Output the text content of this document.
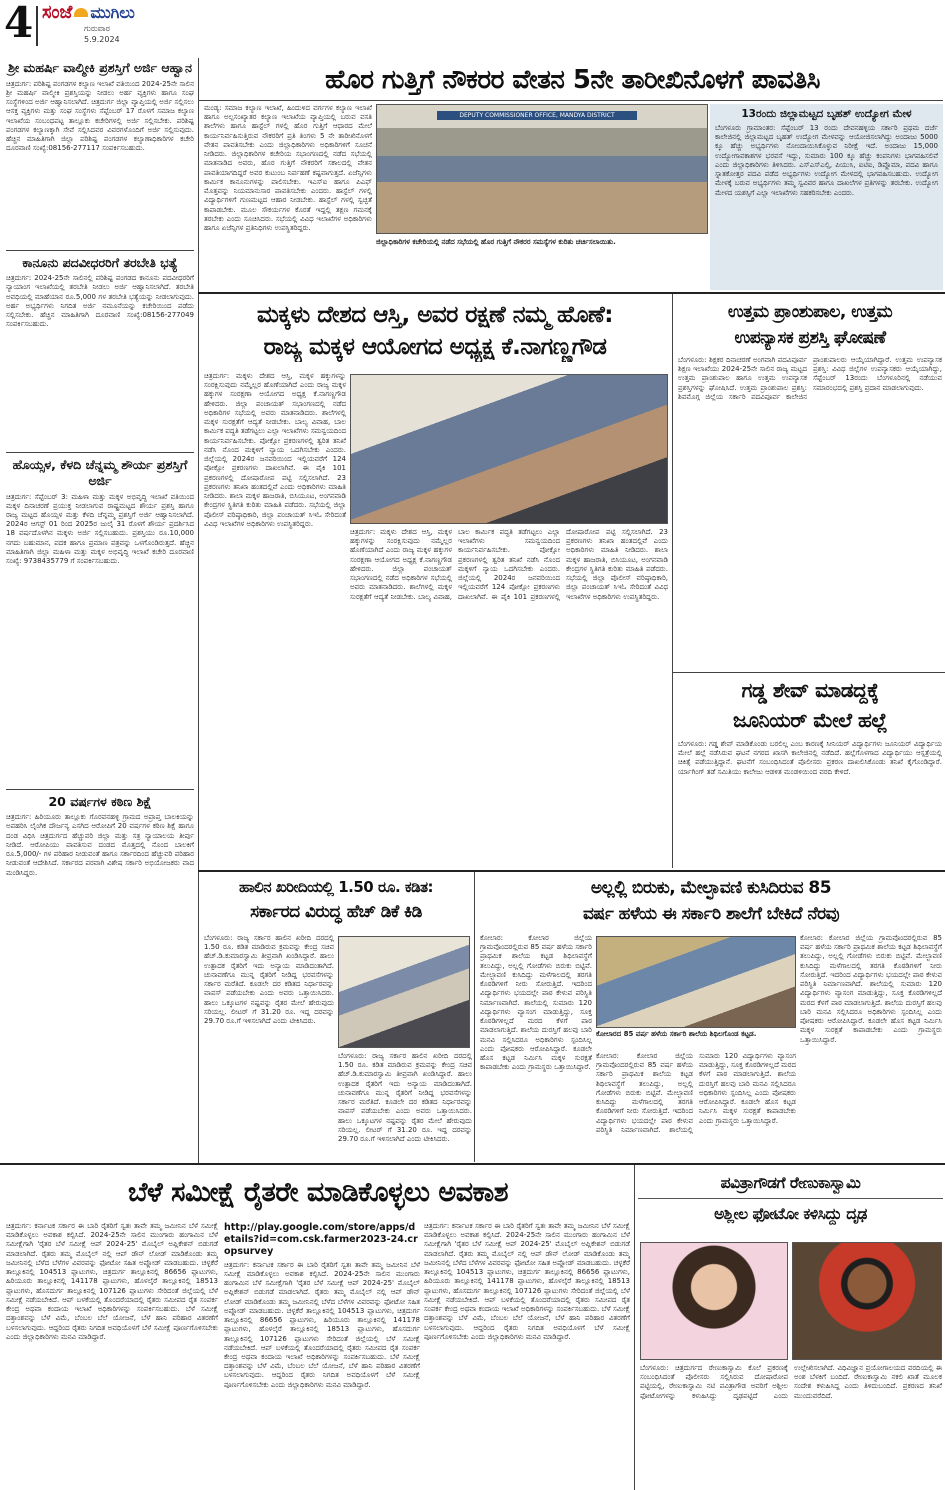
4 ಸಂಜೆ ಮುಗಿಲು
ಗುರುವಾರ
5.9.2024
ಶ್ರೀ ಮಹರ್ಷಿ ವಾಲ್ಮೀಕಿ ಪ್ರಶಸ್ತಿಗೆ ಅರ್ಜಿ ಆಹ್ವಾನ
ಚಿತ್ರದುರ್ಗ: ಪರಿಶಿಷ್ಟ ಪಂಗಡಗಳ ಕಲ್ಯಾಣ ಇಲಾಖೆ ವತಿಯಿಂದ 2024-25ನೇ ಸಾಲಿನ ಶ್ರೀ ಮಹರ್ಷಿ ವಾಲ್ಮೀಕಿ ಪ್ರಶಸ್ತಿಯನ್ನು ನೀಡಲು ಅರ್ಹ ವ್ಯಕ್ತಿಗಳು ಹಾಗೂ ಸಂಘ ಸಂಸ್ಥೆಗಳಿಂದ ಅರ್ಜಿ ಆಹ್ವಾನಿಸಲಾಗಿದೆ. ಚಿತ್ರದುರ್ಗ ಜಿಲ್ಲಾ ವ್ಯಾಪ್ತಿಯಲ್ಲಿ ಅರ್ಜಿ ಸಲ್ಲಿಸಲು ಆಸಕ್ತ ವ್ಯಕ್ತಿಗಳು ಮತ್ತು ಸಂಘ ಸಂಸ್ಥೆಗಳು ಸೆಪ್ಟೆಂಬರ್ 17 ರೊಳಗೆ ಸಮಾಜ ಕಲ್ಯಾಣ ಇಲಾಖೆಯ ಸಂಬಂಧಪಟ್ಟ ತಾಲ್ಲೂಕು ಕಚೇರಿಗಳಲ್ಲಿ ಅರ್ಜಿ ಸಲ್ಲಿಸಬೇಕು. ಪರಿಶಿಷ್ಟ ಪಂಗಡಗಳ ಕಲ್ಯಾಣಕ್ಕಾಗಿ ಸೇವೆ ಸಲ್ಲಿಸಿದವರ ವಿವರಗಳೊಂದಿಗೆ ಅರ್ಜಿ ಸಲ್ಲಿಸುವುದು. ಹೆಚ್ಚಿನ ಮಾಹಿತಿಗಾಗಿ ಜಿಲ್ಲಾ ಪರಿಶಿಷ್ಟ ಪಂಗಡಗಳ ಕಲ್ಯಾಣಾಧಿಕಾರಿಗಳ ಕಚೇರಿ ದೂರವಾಣಿ ಸಂಖ್ಯೆ:08156-277117 ಸಂಪರ್ಕಿಸಬಹುದು.
ಕಾನೂನು ಪದವೀಧರರಿಗೆ ತರಬೇತಿ ಭತ್ಯೆ
ಚಿತ್ರದುರ್ಗ: 2024-25ನೇ ಸಾಲಿನಲ್ಲಿ ಪರಿಶಿಷ್ಟ ಪಂಗಡದ ಕಾನೂನು ಪದವೀಧರರಿಗೆ ನ್ಯಾಯಾಂಗ ಇಲಾಖೆಯಲ್ಲಿ ತರಬೇತಿ ನೀಡಲು ಅರ್ಜಿ ಆಹ್ವಾನಿಸಲಾಗಿದೆ. ತರಬೇತಿ ಅವಧಿಯಲ್ಲಿ ಮಾಹೆಯಾನ ರೂ.5,000 ಗಳ ತರಬೇತಿ ಭತ್ಯೆಯನ್ನು ನೀಡಲಾಗುವುದು. ಅರ್ಹ ಅಭ್ಯರ್ಥಿಗಳು ನಿಗದಿತ ಅರ್ಜಿ ನಮೂನೆಯನ್ನು ಕಚೇರಿಯಿಂದ ಪಡೆದು ಸಲ್ಲಿಸಬೇಕು. ಹೆಚ್ಚಿನ ಮಾಹಿತಿಗಾಗಿ ದೂರವಾಣಿ ಸಂಖ್ಯೆ:08156-277049 ಸಂಪರ್ಕಿಸಬಹುದು.
ಹೊಯ್ಸಳ, ಕೆಳದಿ ಚೆನ್ನಮ್ಮ ಶೌರ್ಯ ಪ್ರಶಸ್ತಿಗೆ ಅರ್ಜಿ
ಚಿತ್ರದುರ್ಗ: ಸೆಪ್ಟೆಂಬರ್ 3: ಮಹಿಳಾ ಮತ್ತು ಮಕ್ಕಳ ಅಭಿವೃದ್ಧಿ ಇಲಾಖೆ ವತಿಯಿಂದ ಮಕ್ಕಳ ದಿನಾಚರಣೆ ಪ್ರಯುಕ್ತ ನೀಡಲಾಗುವ ರಾಷ್ಟ್ರಮಟ್ಟದ ಶೌರ್ಯ ಪ್ರಶಸ್ತಿ ಹಾಗೂ ರಾಜ್ಯ ಮಟ್ಟದ ಹೊಯ್ಸಳ ಮತ್ತು ಕೆಳದಿ ಚೆನ್ನಮ್ಮ ಪ್ರಶಸ್ತಿಗೆ ಅರ್ಜಿ ಆಹ್ವಾನಿಸಲಾಗಿದೆ. 2024ರ ಆಗಸ್ಟ್ 01 ರಿಂದ 2025ರ ಜುಲೈ 31 ರೊಳಗೆ ಶೌರ್ಯ ಪ್ರದರ್ಶಿಸಿದ 18 ವರ್ಷದೊಳಗಿನ ಮಕ್ಕಳು ಅರ್ಜಿ ಸಲ್ಲಿಸಬಹುದು. ಪ್ರಶಸ್ತಿಯು ರೂ.10,000 ನಗದು ಬಹುಮಾನ, ಪದಕ ಹಾಗೂ ಪ್ರಮಾಣ ಪತ್ರವನ್ನು ಒಳಗೊಂಡಿರುತ್ತದೆ. ಹೆಚ್ಚಿನ ಮಾಹಿತಿಗಾಗಿ ಜಿಲ್ಲಾ ಮಹಿಳಾ ಮತ್ತು ಮಕ್ಕಳ ಅಭಿವೃದ್ಧಿ ಇಲಾಖೆ ಕಚೇರಿ ದೂರವಾಣಿ ಸಂಖ್ಯೆ: 9738435779 ಗೆ ಸಂಪರ್ಕಿಸಬಹುದು.
20 ವರ್ಷಗಳ ಕಠಿಣ ಶಿಕ್ಷೆ
ಚಿತ್ರದುರ್ಗ: ಹಿರಿಯೂರು ತಾಲ್ಲೂಕು ಗೊರವನಹಳ್ಳಿ ಗ್ರಾಮದ ಅಪ್ರಾಪ್ತ ಬಾಲಕಿಯನ್ನು ಅಪಹರಿಸಿ ಲೈಂಗಿಕ ದೌರ್ಜನ್ಯ ಎಸಗಿದ ಆರೋಪಿಗೆ 20 ವರ್ಷಗಳ ಕಠಿಣ ಶಿಕ್ಷೆ ಹಾಗೂ ದಂಡ ವಿಧಿಸಿ ಚಿತ್ರದುರ್ಗದ ಹೆಚ್ಚುವರಿ ಜಿಲ್ಲಾ ಮತ್ತು ಸತ್ರ ನ್ಯಾಯಾಲಯ ತೀರ್ಪು ನೀಡಿದೆ. ಆರೋಪಿಯು ಪಾವತಿಸುವ ದಂಡದ ಮೊತ್ತದಲ್ಲಿ ನೊಂದ ಬಾಲಕಿಗೆ ರೂ.5,000/- ಗಳ ಪರಿಹಾರ ನೀಡುವಂತೆ ಹಾಗೂ ಸರ್ಕಾರದಿಂದ ಹೆಚ್ಚುವರಿ ಪರಿಹಾರ ನೀಡುವಂತೆ ಆದೇಶಿಸಿದೆ. ಸರ್ಕಾರದ ಪರವಾಗಿ ವಿಶೇಷ ಸರ್ಕಾರಿ ಅಭಿಯೋಜಕರು ವಾದ ಮಂಡಿಸಿದ್ದರು.
ಹೊರ ಗುತ್ತಿಗೆ ನೌಕರರ ವೇತನ 5ನೇ ತಾರೀಖಿನೊಳಗೆ ಪಾವತಿಸಿ
ಮಂಡ್ಯ: ಸಮಾಜ ಕಲ್ಯಾಣ ಇಲಾಖೆ, ಹಿಂದುಳಿದ ವರ್ಗಗಳ ಕಲ್ಯಾಣ ಇಲಾಖೆ ಹಾಗೂ ಅಲ್ಪಸಂಖ್ಯಾತರ ಕಲ್ಯಾಣ ಇಲಾಖೆಯ ವ್ಯಾಪ್ತಿಯಲ್ಲಿ ಬರುವ ವಸತಿ ಶಾಲೆಗಳು ಹಾಗೂ ಹಾಸ್ಟೆಲ್ ಗಳಲ್ಲಿ ಹೊರ ಗುತ್ತಿಗೆ ಆಧಾರದ ಮೇಲೆ ಕಾರ್ಯನಿರ್ವಹಿಸುತ್ತಿರುವ ನೌಕರರಿಗೆ ಪ್ರತಿ ತಿಂಗಳು 5 ನೇ ತಾರೀಖಿನೊಳಗೆ ವೇತನ ಪಾವತಿಸಬೇಕು ಎಂದು ಜಿಲ್ಲಾಧಿಕಾರಿಗಳು ಅಧಿಕಾರಿಗಳಿಗೆ ಸೂಚನೆ ನೀಡಿದರು. ಜಿಲ್ಲಾಧಿಕಾರಿಗಳ ಕಚೇರಿಯ ಸಭಾಂಗಣದಲ್ಲಿ ನಡೆದ ಸಭೆಯಲ್ಲಿ ಮಾತನಾಡಿದ ಅವರು, ಹೊರ ಗುತ್ತಿಗೆ ನೌಕರರಿಗೆ ಸಕಾಲದಲ್ಲಿ ವೇತನ ಪಾವತಿಯಾಗದಿದ್ದರೆ ಅವರ ಕುಟುಂಬ ನಿರ್ವಹಣೆ ಕಷ್ಟವಾಗುತ್ತದೆ. ಏಜೆನ್ಸಿಗಳು ಕಾರ್ಮಿಕ ಕಾನೂನುಗಳನ್ನು ಪಾಲಿಸಬೇಕು. ಇಎಸ್ಐ ಹಾಗೂ ಪಿಎಫ್ ಮೊತ್ತವನ್ನು ನಿಯಮಾನುಸಾರ ಪಾವತಿಸಬೇಕು ಎಂದರು. ಹಾಸ್ಟೆಲ್ ಗಳಲ್ಲಿ ವಿದ್ಯಾರ್ಥಿಗಳಿಗೆ ಗುಣಮಟ್ಟದ ಆಹಾರ ನೀಡಬೇಕು. ಹಾಸ್ಟೆಲ್ ಗಳಲ್ಲಿ ಸ್ವಚ್ಛತೆ ಕಾಪಾಡಬೇಕು. ಮೂಲ ಸೌಕರ್ಯಗಳ ಕೊರತೆ ಇದ್ದಲ್ಲಿ ತಕ್ಷಣ ಗಮನಕ್ಕೆ ತರಬೇಕು ಎಂದು ಸೂಚಿಸಿದರು. ಸಭೆಯಲ್ಲಿ ವಿವಿಧ ಇಲಾಖೆಗಳ ಅಧಿಕಾರಿಗಳು ಹಾಗೂ ಏಜೆನ್ಸಿಗಳ ಪ್ರತಿನಿಧಿಗಳು ಉಪಸ್ಥಿತರಿದ್ದರು.
DEPUTY COMMISSIONER OFFICE, MANDYA DISTRICT
ಜಿಲ್ಲಾಧಿಕಾರಿಗಳ ಕಚೇರಿಯಲ್ಲಿ ನಡೆದ ಸಭೆಯಲ್ಲಿ ಹೊರ ಗುತ್ತಿಗೆ ನೌಕರರ ಸಮಸ್ಯೆಗಳ ಕುರಿತು ಚರ್ಚಿಸಲಾಯಿತು.
13ರಂದು ಜಿಲ್ಲಾಮಟ್ಟದ ಬೃಹತ್ ಉದ್ಯೋಗ ಮೇಳ
ಬೆಂಗಳೂರು ಗ್ರಾಮಾಂತರ: ಸೆಪ್ಟೆಂಬರ್ 13 ರಂದು ದೇವನಹಳ್ಳಿಯ ಸರ್ಕಾರಿ ಪ್ರಥಮ ದರ್ಜೆ ಕಾಲೇಜಿನಲ್ಲಿ ಜಿಲ್ಲಾಮಟ್ಟದ ಬೃಹತ್ ಉದ್ಯೋಗ ಮೇಳವನ್ನು ಆಯೋಜಿಸಲಾಗಿದ್ದು ಅಂದಾಜು 5000 ಕ್ಕೂ ಹೆಚ್ಚು ಅಭ್ಯರ್ಥಿಗಳು ನೋಂದಾಯಿಸಿಕೊಳ್ಳುವ ನಿರೀಕ್ಷೆ ಇದೆ. ಅಂದಾಜು 15,000 ಉದ್ಯೋಗಾವಕಾಶಗಳ ಭರವಸೆ ಇದ್ದು, ಸುಮಾರು 100 ಕ್ಕೂ ಹೆಚ್ಚು ಕಂಪನಿಗಳು ಭಾಗವಹಿಸಲಿವೆ ಎಂದು ಜಿಲ್ಲಾಧಿಕಾರಿಗಳು ತಿಳಿಸಿದರು. ಎಸ್ಎಸ್ಎಲ್ಸಿ, ಪಿಯುಸಿ, ಐಟಿಐ, ಡಿಪ್ಲೊಮಾ, ಪದವಿ ಹಾಗೂ ಸ್ನಾತಕೋತ್ತರ ಪದವಿ ಪಡೆದ ಅಭ್ಯರ್ಥಿಗಳು ಉದ್ಯೋಗ ಮೇಳದಲ್ಲಿ ಭಾಗವಹಿಸಬಹುದು. ಉದ್ಯೋಗ ಮೇಳಕ್ಕೆ ಬರುವ ಅಭ್ಯರ್ಥಿಗಳು ತಮ್ಮ ಸ್ವವಿವರ ಹಾಗೂ ದಾಖಲೆಗಳ ಪ್ರತಿಗಳನ್ನು ತರಬೇಕು. ಉದ್ಯೋಗ ಮೇಳದ ಯಶಸ್ಸಿಗೆ ಎಲ್ಲಾ ಇಲಾಖೆಗಳು ಸಹಕರಿಸಬೇಕು ಎಂದರು.
ಮಕ್ಕಳು ದೇಶದ ಆಸ್ತಿ, ಅವರ ರಕ್ಷಣೆ ನಮ್ಮ ಹೊಣೆ:
ರಾಜ್ಯ ಮಕ್ಕಳ ಆಯೋಗದ ಅಧ್ಯಕ್ಷ ಕೆ.ನಾಗಣ್ಣಗೌಡ
ಚಿತ್ರದುರ್ಗ: ಮಕ್ಕಳು ದೇಶದ ಆಸ್ತಿ, ಮಕ್ಕಳ ಹಕ್ಕುಗಳನ್ನು ಸಂರಕ್ಷಿಸುವುದು ನಮ್ಮೆಲ್ಲರ ಹೊಣೆಯಾಗಿದೆ ಎಂದು ರಾಜ್ಯ ಮಕ್ಕಳ ಹಕ್ಕುಗಳ ಸಂರಕ್ಷಣಾ ಆಯೋಗದ ಅಧ್ಯಕ್ಷ ಕೆ.ನಾಗಣ್ಣಗೌಡ ಹೇಳಿದರು. ಜಿಲ್ಲಾ ಪಂಚಾಯತ್ ಸಭಾಂಗಣದಲ್ಲಿ ನಡೆದ ಅಧಿಕಾರಿಗಳ ಸಭೆಯಲ್ಲಿ ಅವರು ಮಾತನಾಡಿದರು. ಶಾಲೆಗಳಲ್ಲಿ ಮಕ್ಕಳ ಸುರಕ್ಷತೆಗೆ ಆದ್ಯತೆ ನೀಡಬೇಕು. ಬಾಲ್ಯ ವಿವಾಹ, ಬಾಲ ಕಾರ್ಮಿಕ ಪದ್ಧತಿ ತಡೆಗಟ್ಟಲು ಎಲ್ಲಾ ಇಲಾಖೆಗಳು ಸಮನ್ವಯದಿಂದ ಕಾರ್ಯನಿರ್ವಹಿಸಬೇಕು. ಪೋಕ್ಸೋ ಪ್ರಕರಣಗಳಲ್ಲಿ ತ್ವರಿತ ತನಿಖೆ ನಡೆಸಿ ನೊಂದ ಮಕ್ಕಳಿಗೆ ನ್ಯಾಯ ಒದಗಿಸಬೇಕು ಎಂದರು. ಜಿಲ್ಲೆಯಲ್ಲಿ 2024ರ ಜನವರಿಯಿಂದ ಇಲ್ಲಿಯವರೆಗೆ 124 ಪೋಕ್ಸೋ ಪ್ರಕರಣಗಳು ದಾಖಲಾಗಿವೆ. ಈ ಪೈಕಿ 101 ಪ್ರಕರಣಗಳಲ್ಲಿ ದೋಷಾರೋಪ ಪಟ್ಟಿ ಸಲ್ಲಿಸಲಾಗಿದೆ. 23 ಪ್ರಕರಣಗಳು ತನಿಖಾ ಹಂತದಲ್ಲಿವೆ ಎಂದು ಅಧಿಕಾರಿಗಳು ಮಾಹಿತಿ ನೀಡಿದರು. ಶಾಲಾ ಮಕ್ಕಳ ಹಾಜರಾತಿ, ಬಿಸಿಯೂಟ, ಅಂಗನವಾಡಿ ಕೇಂದ್ರಗಳ ಸ್ಥಿತಿಗತಿ ಕುರಿತು ಮಾಹಿತಿ ಪಡೆದರು. ಸಭೆಯಲ್ಲಿ ಜಿಲ್ಲಾ ಪೊಲೀಸ್ ವರಿಷ್ಠಾಧಿಕಾರಿ, ಜಿಲ್ಲಾ ಪಂಚಾಯತ್ ಸಿಇಓ ಸೇರಿದಂತೆ ವಿವಿಧ ಇಲಾಖೆಗಳ ಅಧಿಕಾರಿಗಳು ಉಪಸ್ಥಿತರಿದ್ದರು.
ಚಿತ್ರದುರ್ಗ: ಮಕ್ಕಳು ದೇಶದ ಆಸ್ತಿ, ಮಕ್ಕಳ ಹಕ್ಕುಗಳನ್ನು ಸಂರಕ್ಷಿಸುವುದು ನಮ್ಮೆಲ್ಲರ ಹೊಣೆಯಾಗಿದೆ ಎಂದು ರಾಜ್ಯ ಮಕ್ಕಳ ಹಕ್ಕುಗಳ ಸಂರಕ್ಷಣಾ ಆಯೋಗದ ಅಧ್ಯಕ್ಷ ಕೆ.ನಾಗಣ್ಣಗೌಡ ಹೇಳಿದರು. ಜಿಲ್ಲಾ ಪಂಚಾಯತ್ ಸಭಾಂಗಣದಲ್ಲಿ ನಡೆದ ಅಧಿಕಾರಿಗಳ ಸಭೆಯಲ್ಲಿ ಅವರು ಮಾತನಾಡಿದರು. ಶಾಲೆಗಳಲ್ಲಿ ಮಕ್ಕಳ ಸುರಕ್ಷತೆಗೆ ಆದ್ಯತೆ ನೀಡಬೇಕು. ಬಾಲ್ಯ ವಿವಾಹ, ಬಾಲ ಕಾರ್ಮಿಕ ಪದ್ಧತಿ ತಡೆಗಟ್ಟಲು ಎಲ್ಲಾ ಇಲಾಖೆಗಳು ಸಮನ್ವಯದಿಂದ ಕಾರ್ಯನಿರ್ವಹಿಸಬೇಕು. ಪೋಕ್ಸೋ ಪ್ರಕರಣಗಳಲ್ಲಿ ತ್ವರಿತ ತನಿಖೆ ನಡೆಸಿ ನೊಂದ ಮಕ್ಕಳಿಗೆ ನ್ಯಾಯ ಒದಗಿಸಬೇಕು ಎಂದರು. ಜಿಲ್ಲೆಯಲ್ಲಿ 2024ರ ಜನವರಿಯಿಂದ ಇಲ್ಲಿಯವರೆಗೆ 124 ಪೋಕ್ಸೋ ಪ್ರಕರಣಗಳು ದಾಖಲಾಗಿವೆ. ಈ ಪೈಕಿ 101 ಪ್ರಕರಣಗಳಲ್ಲಿ ದೋಷಾರೋಪ ಪಟ್ಟಿ ಸಲ್ಲಿಸಲಾಗಿದೆ. 23 ಪ್ರಕರಣಗಳು ತನಿಖಾ ಹಂತದಲ್ಲಿವೆ ಎಂದು ಅಧಿಕಾರಿಗಳು ಮಾಹಿತಿ ನೀಡಿದರು. ಶಾಲಾ ಮಕ್ಕಳ ಹಾಜರಾತಿ, ಬಿಸಿಯೂಟ, ಅಂಗನವಾಡಿ ಕೇಂದ್ರಗಳ ಸ್ಥಿತಿಗತಿ ಕುರಿತು ಮಾಹಿತಿ ಪಡೆದರು. ಸಭೆಯಲ್ಲಿ ಜಿಲ್ಲಾ ಪೊಲೀಸ್ ವರಿಷ್ಠಾಧಿಕಾರಿ, ಜಿಲ್ಲಾ ಪಂಚಾಯತ್ ಸಿಇಓ ಸೇರಿದಂತೆ ವಿವಿಧ ಇಲಾಖೆಗಳ ಅಧಿಕಾರಿಗಳು ಉಪಸ್ಥಿತರಿದ್ದರು.
ಉತ್ತಮ ಪ್ರಾಂಶುಪಾಲ, ಉತ್ತಮ
ಉಪನ್ಯಾಸಕ ಪ್ರಶಸ್ತಿ ಘೋಷಣೆ
ಬೆಂಗಳೂರು: ಶಿಕ್ಷಕರ ದಿನಾಚರಣೆ ಅಂಗವಾಗಿ ಪದವಿಪೂರ್ವ ಶಿಕ್ಷಣ ಇಲಾಖೆಯು 2024-25ನೇ ಸಾಲಿನ ರಾಜ್ಯ ಮಟ್ಟದ ಉತ್ತಮ ಪ್ರಾಂಶುಪಾಲ ಹಾಗೂ ಉತ್ತಮ ಉಪನ್ಯಾಸಕ ಪ್ರಶಸ್ತಿಗಳನ್ನು ಘೋಷಿಸಿದೆ. ಉತ್ತಮ ಪ್ರಾಂಶುಪಾಲ ಪ್ರಶಸ್ತಿ: ಶಿವಮೊಗ್ಗ ಜಿಲ್ಲೆಯ ಸರ್ಕಾರಿ ಪದವಿಪೂರ್ವ ಕಾಲೇಜಿನ ಪ್ರಾಂಶುಪಾಲರು ಆಯ್ಕೆಯಾಗಿದ್ದಾರೆ. ಉತ್ತಮ ಉಪನ್ಯಾಸಕ ಪ್ರಶಸ್ತಿ: ವಿವಿಧ ಜಿಲ್ಲೆಗಳ ಉಪನ್ಯಾಸಕರು ಆಯ್ಕೆಯಾಗಿದ್ದು, ಸೆಪ್ಟೆಂಬರ್ 13ರಂದು ಬೆಂಗಳೂರಿನಲ್ಲಿ ನಡೆಯುವ ಸಮಾರಂಭದಲ್ಲಿ ಪ್ರಶಸ್ತಿ ಪ್ರದಾನ ಮಾಡಲಾಗುವುದು.
ಗಡ್ಡ ಶೇವ್ ಮಾಡದ್ದಕ್ಕೆ
ಜೂನಿಯರ್ ಮೇಲೆ ಹಲ್ಲೆ
ಬೆಂಗಳೂರು: ಗಡ್ಡ ಶೇವ್ ಮಾಡಿಕೊಂಡು ಬರಲಿಲ್ಲ ಎಂಬ ಕಾರಣಕ್ಕೆ ಸೀನಿಯರ್ ವಿದ್ಯಾರ್ಥಿಗಳು ಜೂನಿಯರ್ ವಿದ್ಯಾರ್ಥಿಯ ಮೇಲೆ ಹಲ್ಲೆ ನಡೆಸಿರುವ ಘಟನೆ ನಗರದ ಖಾಸಗಿ ಕಾಲೇಜಿನಲ್ಲಿ ನಡೆದಿದೆ. ಹಲ್ಲೆಗೊಳಗಾದ ವಿದ್ಯಾರ್ಥಿಯು ಆಸ್ಪತ್ರೆಯಲ್ಲಿ ಚಿಕಿತ್ಸೆ ಪಡೆಯುತ್ತಿದ್ದಾನೆ. ಘಟನೆಗೆ ಸಂಬಂಧಿಸಿದಂತೆ ಪೊಲೀಸರು ಪ್ರಕರಣ ದಾಖಲಿಸಿಕೊಂಡು ತನಿಖೆ ಕೈಗೊಂಡಿದ್ದಾರೆ. ರ್ಯಾಗಿಂಗ್ ತಡೆ ಸಮಿತಿಯು ಕಾಲೇಜು ಆಡಳಿತ ಮಂಡಳಿಯಿಂದ ವರದಿ ಕೇಳಿದೆ.
ಹಾಲಿನ ಖರೀದಿಯಲ್ಲಿ 1.50 ರೂ. ಕಡಿತ:
ಸರ್ಕಾರದ ವಿರುದ್ಧ ಹೆಚ್ ಡಿಕೆ ಕಿಡಿ
ಬೆಂಗಳೂರು: ರಾಜ್ಯ ಸರ್ಕಾರ ಹಾಲಿನ ಖರೀದಿ ದರದಲ್ಲಿ 1.50 ರೂ. ಕಡಿತ ಮಾಡಿರುವ ಕ್ರಮವನ್ನು ಕೇಂದ್ರ ಸಚಿವ ಹೆಚ್.ಡಿ.ಕುಮಾರಸ್ವಾಮಿ ತೀವ್ರವಾಗಿ ಖಂಡಿಸಿದ್ದಾರೆ. ಹಾಲು ಉತ್ಪಾದಕ ರೈತರಿಗೆ ಇದು ಅನ್ಯಾಯ ಮಾಡಿದಂತಾಗಿದೆ. ಚುನಾವಣೆಗೂ ಮುನ್ನ ರೈತರಿಗೆ ನೀಡಿದ್ದ ಭರವಸೆಗಳನ್ನು ಸರ್ಕಾರ ಮರೆತಿದೆ. ಕೂಡಲೇ ದರ ಕಡಿತದ ನಿರ್ಧಾರವನ್ನು ವಾಪಸ್ ಪಡೆಯಬೇಕು ಎಂದು ಅವರು ಒತ್ತಾಯಿಸಿದರು. ಹಾಲು ಒಕ್ಕೂಟಗಳ ನಷ್ಟವನ್ನು ರೈತರ ಮೇಲೆ ಹೇರುವುದು ಸರಿಯಲ್ಲ. ಲೀಟರ್ ಗೆ 31.20 ರೂ. ಇದ್ದ ದರವನ್ನು 29.70 ರೂ.ಗೆ ಇಳಿಸಲಾಗಿದೆ ಎಂದು ಟೀಕಿಸಿದರು.
ಬೆಂಗಳೂರು: ರಾಜ್ಯ ಸರ್ಕಾರ ಹಾಲಿನ ಖರೀದಿ ದರದಲ್ಲಿ 1.50 ರೂ. ಕಡಿತ ಮಾಡಿರುವ ಕ್ರಮವನ್ನು ಕೇಂದ್ರ ಸಚಿವ ಹೆಚ್.ಡಿ.ಕುಮಾರಸ್ವಾಮಿ ತೀವ್ರವಾಗಿ ಖಂಡಿಸಿದ್ದಾರೆ. ಹಾಲು ಉತ್ಪಾದಕ ರೈತರಿಗೆ ಇದು ಅನ್ಯಾಯ ಮಾಡಿದಂತಾಗಿದೆ. ಚುನಾವಣೆಗೂ ಮುನ್ನ ರೈತರಿಗೆ ನೀಡಿದ್ದ ಭರವಸೆಗಳನ್ನು ಸರ್ಕಾರ ಮರೆತಿದೆ. ಕೂಡಲೇ ದರ ಕಡಿತದ ನಿರ್ಧಾರವನ್ನು ವಾಪಸ್ ಪಡೆಯಬೇಕು ಎಂದು ಅವರು ಒತ್ತಾಯಿಸಿದರು. ಹಾಲು ಒಕ್ಕೂಟಗಳ ನಷ್ಟವನ್ನು ರೈತರ ಮೇಲೆ ಹೇರುವುದು ಸರಿಯಲ್ಲ. ಲೀಟರ್ ಗೆ 31.20 ರೂ. ಇದ್ದ ದರವನ್ನು 29.70 ರೂ.ಗೆ ಇಳಿಸಲಾಗಿದೆ ಎಂದು ಟೀಕಿಸಿದರು.
ಅಲ್ಲಲ್ಲಿ ಬಿರುಕು, ಮೇಲ್ಛಾವಣಿ ಕುಸಿದಿರುವ 85
ವರ್ಷ ಹಳೆಯ ಈ ಸರ್ಕಾರಿ ಶಾಲೆಗೆ ಬೇಕಿದೆ ನೆರವು
ಕೋಲಾರ: ಕೋಲಾರ ಜಿಲ್ಲೆಯ ಗ್ರಾಮವೊಂದರಲ್ಲಿರುವ 85 ವರ್ಷ ಹಳೆಯ ಸರ್ಕಾರಿ ಪ್ರಾಥಮಿಕ ಶಾಲೆಯ ಕಟ್ಟಡ ಶಿಥಿಲಾವಸ್ಥೆಗೆ ತಲುಪಿದ್ದು, ಅಲ್ಲಲ್ಲಿ ಗೋಡೆಗಳು ಬಿರುಕು ಬಿಟ್ಟಿವೆ. ಮೇಲ್ಛಾವಣಿ ಕುಸಿದಿದ್ದು ಮಳೆಗಾಲದಲ್ಲಿ ತರಗತಿ ಕೊಠಡಿಗಳಿಗೆ ನೀರು ಸೋರುತ್ತಿದೆ. ಇದರಿಂದ ವಿದ್ಯಾರ್ಥಿಗಳು ಭಯದಲ್ಲೇ ಪಾಠ ಕೇಳುವ ಪರಿಸ್ಥಿತಿ ನಿರ್ಮಾಣವಾಗಿದೆ. ಶಾಲೆಯಲ್ಲಿ ಸುಮಾರು 120 ವಿದ್ಯಾರ್ಥಿಗಳು ವ್ಯಾಸಂಗ ಮಾಡುತ್ತಿದ್ದು, ಸೂಕ್ತ ಕೊಠಡಿಗಳಿಲ್ಲದೆ ಮರದ ಕೆಳಗೆ ಪಾಠ ಮಾಡಲಾಗುತ್ತಿದೆ. ಶಾಲೆಯ ದುರಸ್ತಿಗೆ ಹಲವು ಬಾರಿ ಮನವಿ ಸಲ್ಲಿಸಿದರೂ ಅಧಿಕಾರಿಗಳು ಸ್ಪಂದಿಸಿಲ್ಲ ಎಂದು ಪೋಷಕರು ಆರೋಪಿಸಿದ್ದಾರೆ. ಕೂಡಲೇ ಹೊಸ ಕಟ್ಟಡ ನಿರ್ಮಿಸಿ ಮಕ್ಕಳ ಸುರಕ್ಷತೆ ಕಾಪಾಡಬೇಕು ಎಂದು ಗ್ರಾಮಸ್ಥರು ಒತ್ತಾಯಿಸಿದ್ದಾರೆ.
ಕೋಲಾರದ 85 ವರ್ಷ ಹಳೆಯ ಸರ್ಕಾರಿ ಶಾಲೆಯ ಶಿಥಿಲಗೊಂಡ ಕಟ್ಟಡ.
ಕೋಲಾರ: ಕೋಲಾರ ಜಿಲ್ಲೆಯ ಗ್ರಾಮವೊಂದರಲ್ಲಿರುವ 85 ವರ್ಷ ಹಳೆಯ ಸರ್ಕಾರಿ ಪ್ರಾಥಮಿಕ ಶಾಲೆಯ ಕಟ್ಟಡ ಶಿಥಿಲಾವಸ್ಥೆಗೆ ತಲುಪಿದ್ದು, ಅಲ್ಲಲ್ಲಿ ಗೋಡೆಗಳು ಬಿರುಕು ಬಿಟ್ಟಿವೆ. ಮೇಲ್ಛಾವಣಿ ಕುಸಿದಿದ್ದು ಮಳೆಗಾಲದಲ್ಲಿ ತರಗತಿ ಕೊಠಡಿಗಳಿಗೆ ನೀರು ಸೋರುತ್ತಿದೆ. ಇದರಿಂದ ವಿದ್ಯಾರ್ಥಿಗಳು ಭಯದಲ್ಲೇ ಪಾಠ ಕೇಳುವ ಪರಿಸ್ಥಿತಿ ನಿರ್ಮಾಣವಾಗಿದೆ. ಶಾಲೆಯಲ್ಲಿ ಸುಮಾರು 120 ವಿದ್ಯಾರ್ಥಿಗಳು ವ್ಯಾಸಂಗ ಮಾಡುತ್ತಿದ್ದು, ಸೂಕ್ತ ಕೊಠಡಿಗಳಿಲ್ಲದೆ ಮರದ ಕೆಳಗೆ ಪಾಠ ಮಾಡಲಾಗುತ್ತಿದೆ. ಶಾಲೆಯ ದುರಸ್ತಿಗೆ ಹಲವು ಬಾರಿ ಮನವಿ ಸಲ್ಲಿಸಿದರೂ ಅಧಿಕಾರಿಗಳು ಸ್ಪಂದಿಸಿಲ್ಲ ಎಂದು ಪೋಷಕರು ಆರೋಪಿಸಿದ್ದಾರೆ. ಕೂಡಲೇ ಹೊಸ ಕಟ್ಟಡ ನಿರ್ಮಿಸಿ ಮಕ್ಕಳ ಸುರಕ್ಷತೆ ಕಾಪಾಡಬೇಕು ಎಂದು ಗ್ರಾಮಸ್ಥರು ಒತ್ತಾಯಿಸಿದ್ದಾರೆ.
ಕೋಲಾರ: ಕೋಲಾರ ಜಿಲ್ಲೆಯ ಗ್ರಾಮವೊಂದರಲ್ಲಿರುವ 85 ವರ್ಷ ಹಳೆಯ ಸರ್ಕಾರಿ ಪ್ರಾಥಮಿಕ ಶಾಲೆಯ ಕಟ್ಟಡ ಶಿಥಿಲಾವಸ್ಥೆಗೆ ತಲುಪಿದ್ದು, ಅಲ್ಲಲ್ಲಿ ಗೋಡೆಗಳು ಬಿರುಕು ಬಿಟ್ಟಿವೆ. ಮೇಲ್ಛಾವಣಿ ಕುಸಿದಿದ್ದು ಮಳೆಗಾಲದಲ್ಲಿ ತರಗತಿ ಕೊಠಡಿಗಳಿಗೆ ನೀರು ಸೋರುತ್ತಿದೆ. ಇದರಿಂದ ವಿದ್ಯಾರ್ಥಿಗಳು ಭಯದಲ್ಲೇ ಪಾಠ ಕೇಳುವ ಪರಿಸ್ಥಿತಿ ನಿರ್ಮಾಣವಾಗಿದೆ. ಶಾಲೆಯಲ್ಲಿ ಸುಮಾರು 120 ವಿದ್ಯಾರ್ಥಿಗಳು ವ್ಯಾಸಂಗ ಮಾಡುತ್ತಿದ್ದು, ಸೂಕ್ತ ಕೊಠಡಿಗಳಿಲ್ಲದೆ ಮರದ ಕೆಳಗೆ ಪಾಠ ಮಾಡಲಾಗುತ್ತಿದೆ. ಶಾಲೆಯ ದುರಸ್ತಿಗೆ ಹಲವು ಬಾರಿ ಮನವಿ ಸಲ್ಲಿಸಿದರೂ ಅಧಿಕಾರಿಗಳು ಸ್ಪಂದಿಸಿಲ್ಲ ಎಂದು ಪೋಷಕರು ಆರೋಪಿಸಿದ್ದಾರೆ. ಕೂಡಲೇ ಹೊಸ ಕಟ್ಟಡ ನಿರ್ಮಿಸಿ ಮಕ್ಕಳ ಸುರಕ್ಷತೆ ಕಾಪಾಡಬೇಕು ಎಂದು ಗ್ರಾಮಸ್ಥರು ಒತ್ತಾಯಿಸಿದ್ದಾರೆ.
ಬೆಳೆ ಸಮೀಕ್ಷೆ ರೈತರೇ ಮಾಡಿಕೊಳ್ಳಲು ಅವಕಾಶ
ಚಿತ್ರದುರ್ಗ: ಕರ್ನಾಟಕ ಸರ್ಕಾರ ಈ ಬಾರಿ ರೈತರಿಗೆ ಸ್ವತಃ ತಾವೇ ತಮ್ಮ ಜಮೀನಿನ ಬೆಳೆ ಸಮೀಕ್ಷೆ ಮಾಡಿಕೊಳ್ಳಲು ಅವಕಾಶ ಕಲ್ಪಿಸಿದೆ. 2024-25ನೇ ಸಾಲಿನ ಮುಂಗಾರು ಹಂಗಾಮಿನ ಬೆಳೆ ಸಮೀಕ್ಷೆಗಾಗಿ 'ರೈತರ ಬೆಳೆ ಸಮೀಕ್ಷೆ ಆಪ್ 2024-25' ಮೊಬೈಲ್ ಅಪ್ಲಿಕೇಶನ್ ಬಿಡುಗಡೆ ಮಾಡಲಾಗಿದೆ. ರೈತರು ತಮ್ಮ ಮೊಬೈಲ್ ನಲ್ಲಿ ಆಪ್ ಡೌನ್ ಲೋಡ್ ಮಾಡಿಕೊಂಡು ತಮ್ಮ ಜಮೀನಿನಲ್ಲಿ ಬೆಳೆದ ಬೆಳೆಗಳ ವಿವರವನ್ನು ಫೋಟೋ ಸಹಿತ ಅಪ್ಲೋಡ್ ಮಾಡಬಹುದು. ಚಳ್ಳಕೆರೆ ತಾಲ್ಲೂಕಿನಲ್ಲಿ 104513 ಪ್ಲಾಟುಗಳು, ಚಿತ್ರದುರ್ಗ ತಾಲ್ಲೂಕಿನಲ್ಲಿ 86656 ಪ್ಲಾಟುಗಳು, ಹಿರಿಯೂರು ತಾಲ್ಲೂಕಿನಲ್ಲಿ 141178 ಪ್ಲಾಟುಗಳು, ಹೊಳಲ್ಕೆರೆ ತಾಲ್ಲೂಕಿನಲ್ಲಿ 18513 ಪ್ಲಾಟುಗಳು, ಹೊಸದುರ್ಗ ತಾಲ್ಲೂಕಿನಲ್ಲಿ 107126 ಪ್ಲಾಟುಗಳು ಸೇರಿದಂತೆ ಜಿಲ್ಲೆಯಲ್ಲಿ ಬೆಳೆ ಸಮೀಕ್ಷೆ ನಡೆಯಬೇಕಿದೆ. ಆಪ್ ಬಳಕೆಯಲ್ಲಿ ತೊಂದರೆಯಾದಲ್ಲಿ ರೈತರು ಸಮೀಪದ ರೈತ ಸಂಪರ್ಕ ಕೇಂದ್ರ ಅಥವಾ ಕಂದಾಯ ಇಲಾಖೆ ಅಧಿಕಾರಿಗಳನ್ನು ಸಂಪರ್ಕಿಸಬಹುದು. ಬೆಳೆ ಸಮೀಕ್ಷೆ ದತ್ತಾಂಶವನ್ನು ಬೆಳೆ ವಿಮೆ, ಬೆಂಬಲ ಬೆಲೆ ಯೋಜನೆ, ಬೆಳೆ ಹಾನಿ ಪರಿಹಾರ ವಿತರಣೆಗೆ ಬಳಸಲಾಗುವುದು. ಆದ್ದರಿಂದ ರೈತರು ನಿಗದಿತ ಅವಧಿಯೊಳಗೆ ಬೆಳೆ ಸಮೀಕ್ಷೆ ಪೂರ್ಣಗೊಳಿಸಬೇಕು ಎಂದು ಜಿಲ್ಲಾಧಿಕಾರಿಗಳು ಮನವಿ ಮಾಡಿದ್ದಾರೆ.
http://play.google.com/store/apps/details?id=com.csk.farmer2023-24.cropsurvey
ಚಿತ್ರದುರ್ಗ: ಕರ್ನಾಟಕ ಸರ್ಕಾರ ಈ ಬಾರಿ ರೈತರಿಗೆ ಸ್ವತಃ ತಾವೇ ತಮ್ಮ ಜಮೀನಿನ ಬೆಳೆ ಸಮೀಕ್ಷೆ ಮಾಡಿಕೊಳ್ಳಲು ಅವಕಾಶ ಕಲ್ಪಿಸಿದೆ. 2024-25ನೇ ಸಾಲಿನ ಮುಂಗಾರು ಹಂಗಾಮಿನ ಬೆಳೆ ಸಮೀಕ್ಷೆಗಾಗಿ 'ರೈತರ ಬೆಳೆ ಸಮೀಕ್ಷೆ ಆಪ್ 2024-25' ಮೊಬೈಲ್ ಅಪ್ಲಿಕೇಶನ್ ಬಿಡುಗಡೆ ಮಾಡಲಾಗಿದೆ. ರೈತರು ತಮ್ಮ ಮೊಬೈಲ್ ನಲ್ಲಿ ಆಪ್ ಡೌನ್ ಲೋಡ್ ಮಾಡಿಕೊಂಡು ತಮ್ಮ ಜಮೀನಿನಲ್ಲಿ ಬೆಳೆದ ಬೆಳೆಗಳ ವಿವರವನ್ನು ಫೋಟೋ ಸಹಿತ ಅಪ್ಲೋಡ್ ಮಾಡಬಹುದು. ಚಳ್ಳಕೆರೆ ತಾಲ್ಲೂಕಿನಲ್ಲಿ 104513 ಪ್ಲಾಟುಗಳು, ಚಿತ್ರದುರ್ಗ ತಾಲ್ಲೂಕಿನಲ್ಲಿ 86656 ಪ್ಲಾಟುಗಳು, ಹಿರಿಯೂರು ತಾಲ್ಲೂಕಿನಲ್ಲಿ 141178 ಪ್ಲಾಟುಗಳು, ಹೊಳಲ್ಕೆರೆ ತಾಲ್ಲೂಕಿನಲ್ಲಿ 18513 ಪ್ಲಾಟುಗಳು, ಹೊಸದುರ್ಗ ತಾಲ್ಲೂಕಿನಲ್ಲಿ 107126 ಪ್ಲಾಟುಗಳು ಸೇರಿದಂತೆ ಜಿಲ್ಲೆಯಲ್ಲಿ ಬೆಳೆ ಸಮೀಕ್ಷೆ ನಡೆಯಬೇಕಿದೆ. ಆಪ್ ಬಳಕೆಯಲ್ಲಿ ತೊಂದರೆಯಾದಲ್ಲಿ ರೈತರು ಸಮೀಪದ ರೈತ ಸಂಪರ್ಕ ಕೇಂದ್ರ ಅಥವಾ ಕಂದಾಯ ಇಲಾಖೆ ಅಧಿಕಾರಿಗಳನ್ನು ಸಂಪರ್ಕಿಸಬಹುದು. ಬೆಳೆ ಸಮೀಕ್ಷೆ ದತ್ತಾಂಶವನ್ನು ಬೆಳೆ ವಿಮೆ, ಬೆಂಬಲ ಬೆಲೆ ಯೋಜನೆ, ಬೆಳೆ ಹಾನಿ ಪರಿಹಾರ ವಿತರಣೆಗೆ ಬಳಸಲಾಗುವುದು. ಆದ್ದರಿಂದ ರೈತರು ನಿಗದಿತ ಅವಧಿಯೊಳಗೆ ಬೆಳೆ ಸಮೀಕ್ಷೆ ಪೂರ್ಣಗೊಳಿಸಬೇಕು ಎಂದು ಜಿಲ್ಲಾಧಿಕಾರಿಗಳು ಮನವಿ ಮಾಡಿದ್ದಾರೆ.
ಚಿತ್ರದುರ್ಗ: ಕರ್ನಾಟಕ ಸರ್ಕಾರ ಈ ಬಾರಿ ರೈತರಿಗೆ ಸ್ವತಃ ತಾವೇ ತಮ್ಮ ಜಮೀನಿನ ಬೆಳೆ ಸಮೀಕ್ಷೆ ಮಾಡಿಕೊಳ್ಳಲು ಅವಕಾಶ ಕಲ್ಪಿಸಿದೆ. 2024-25ನೇ ಸಾಲಿನ ಮುಂಗಾರು ಹಂಗಾಮಿನ ಬೆಳೆ ಸಮೀಕ್ಷೆಗಾಗಿ 'ರೈತರ ಬೆಳೆ ಸಮೀಕ್ಷೆ ಆಪ್ 2024-25' ಮೊಬೈಲ್ ಅಪ್ಲಿಕೇಶನ್ ಬಿಡುಗಡೆ ಮಾಡಲಾಗಿದೆ. ರೈತರು ತಮ್ಮ ಮೊಬೈಲ್ ನಲ್ಲಿ ಆಪ್ ಡೌನ್ ಲೋಡ್ ಮಾಡಿಕೊಂಡು ತಮ್ಮ ಜಮೀನಿನಲ್ಲಿ ಬೆಳೆದ ಬೆಳೆಗಳ ವಿವರವನ್ನು ಫೋಟೋ ಸಹಿತ ಅಪ್ಲೋಡ್ ಮಾಡಬಹುದು. ಚಳ್ಳಕೆರೆ ತಾಲ್ಲೂಕಿನಲ್ಲಿ 104513 ಪ್ಲಾಟುಗಳು, ಚಿತ್ರದುರ್ಗ ತಾಲ್ಲೂಕಿನಲ್ಲಿ 86656 ಪ್ಲಾಟುಗಳು, ಹಿರಿಯೂರು ತಾಲ್ಲೂಕಿನಲ್ಲಿ 141178 ಪ್ಲಾಟುಗಳು, ಹೊಳಲ್ಕೆರೆ ತಾಲ್ಲೂಕಿನಲ್ಲಿ 18513 ಪ್ಲಾಟುಗಳು, ಹೊಸದುರ್ಗ ತಾಲ್ಲೂಕಿನಲ್ಲಿ 107126 ಪ್ಲಾಟುಗಳು ಸೇರಿದಂತೆ ಜಿಲ್ಲೆಯಲ್ಲಿ ಬೆಳೆ ಸಮೀಕ್ಷೆ ನಡೆಯಬೇಕಿದೆ. ಆಪ್ ಬಳಕೆಯಲ್ಲಿ ತೊಂದರೆಯಾದಲ್ಲಿ ರೈತರು ಸಮೀಪದ ರೈತ ಸಂಪರ್ಕ ಕೇಂದ್ರ ಅಥವಾ ಕಂದಾಯ ಇಲಾಖೆ ಅಧಿಕಾರಿಗಳನ್ನು ಸಂಪರ್ಕಿಸಬಹುದು. ಬೆಳೆ ಸಮೀಕ್ಷೆ ದತ್ತಾಂಶವನ್ನು ಬೆಳೆ ವಿಮೆ, ಬೆಂಬಲ ಬೆಲೆ ಯೋಜನೆ, ಬೆಳೆ ಹಾನಿ ಪರಿಹಾರ ವಿತರಣೆಗೆ ಬಳಸಲಾಗುವುದು. ಆದ್ದರಿಂದ ರೈತರು ನಿಗದಿತ ಅವಧಿಯೊಳಗೆ ಬೆಳೆ ಸಮೀಕ್ಷೆ ಪೂರ್ಣಗೊಳಿಸಬೇಕು ಎಂದು ಜಿಲ್ಲಾಧಿಕಾರಿಗಳು ಮನವಿ ಮಾಡಿದ್ದಾರೆ.
ಪವಿತ್ರಾಗೌಡಗೆ ರೇಣುಕಾಸ್ವಾಮಿ
ಅಶ್ಲೀಲ ಫೋಟೋ ಕಳಿಸಿದ್ದು ದೃಢ
ಬೆಂಗಳೂರು: ಚಿತ್ರದುರ್ಗದ ರೇಣುಕಾಸ್ವಾಮಿ ಕೊಲೆ ಪ್ರಕರಣಕ್ಕೆ ಸಂಬಂಧಿಸಿದಂತೆ ಪೊಲೀಸರು ಸಲ್ಲಿಸಿರುವ ದೋಷಾರೋಪ ಪಟ್ಟಿಯಲ್ಲಿ, ರೇಣುಕಾಸ್ವಾಮಿ ನಟಿ ಪವಿತ್ರಾಗೌಡ ಅವರಿಗೆ ಅಶ್ಲೀಲ ಫೋಟೋಗಳನ್ನು ಕಳುಹಿಸಿದ್ದು ದೃಢಪಟ್ಟಿದೆ ಎಂದು ಉಲ್ಲೇಖಿಸಲಾಗಿದೆ. ವಿಧಿವಿಜ್ಞಾನ ಪ್ರಯೋಗಾಲಯದ ವರದಿಯಲ್ಲಿ ಈ ಅಂಶ ಬೆಳಕಿಗೆ ಬಂದಿದೆ. ರೇಣುಕಾಸ್ವಾಮಿ ನಕಲಿ ಖಾತೆ ಮೂಲಕ ಸಂದೇಶ ಕಳುಹಿಸಿದ್ದ ಎಂದು ತಿಳಿದುಬಂದಿದೆ. ಪ್ರಕರಣದ ತನಿಖೆ ಮುಂದುವರೆದಿದೆ.
